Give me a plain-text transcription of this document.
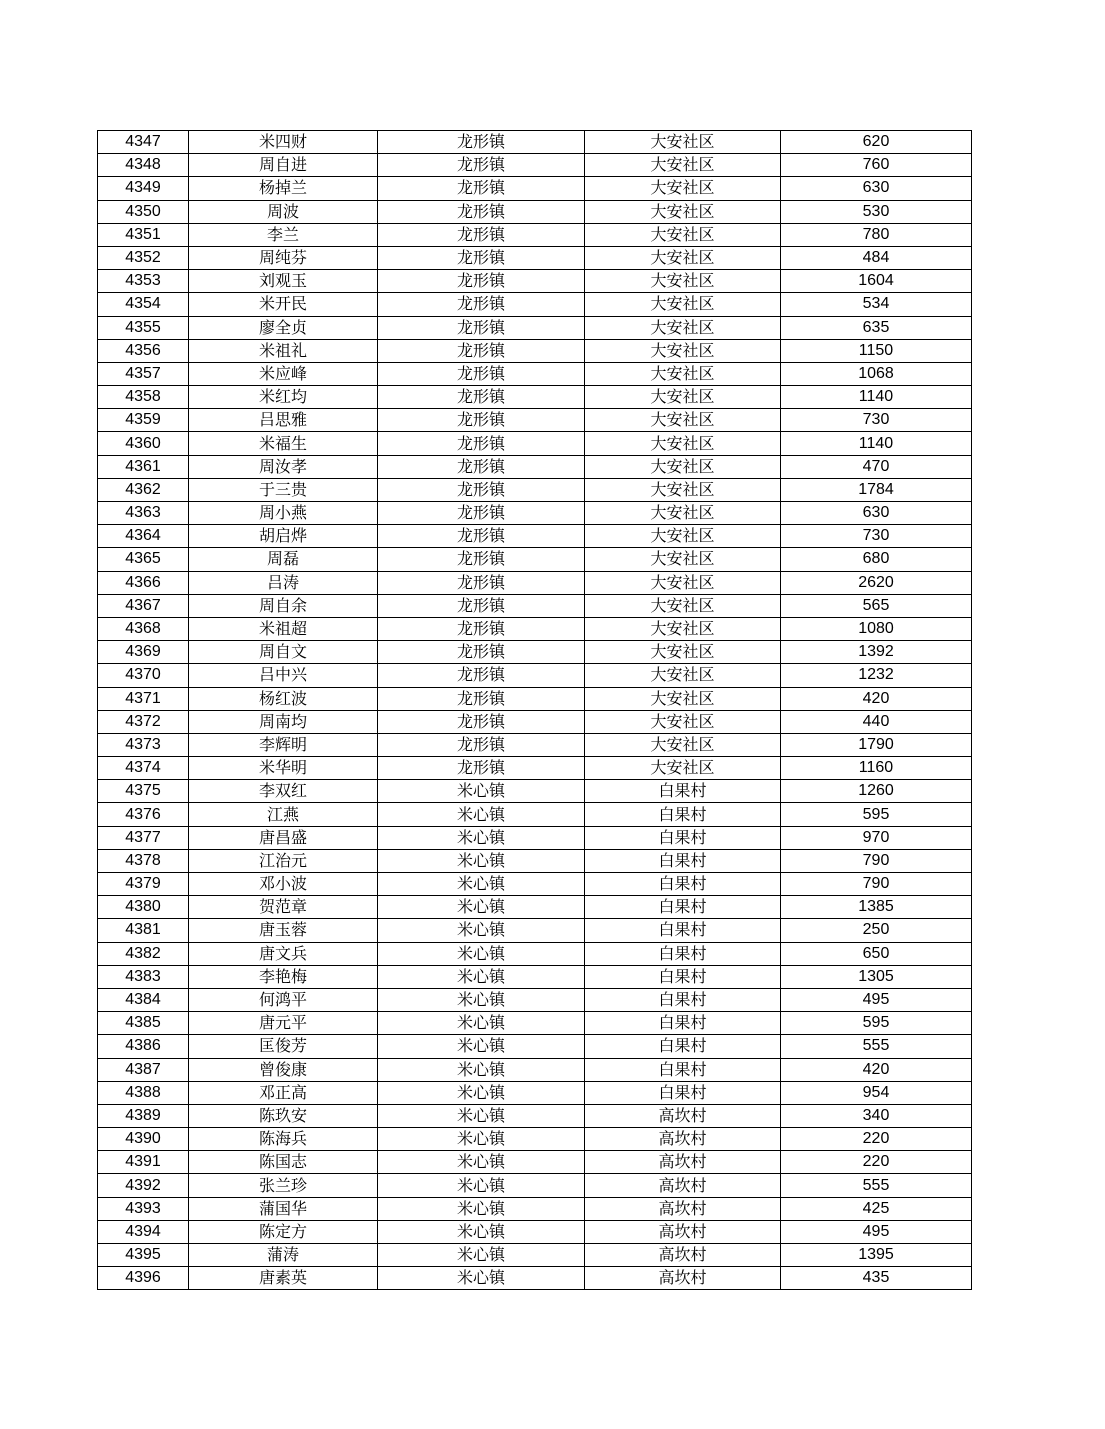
4347	米四财	龙形镇	大安社区	620
4348	周自进	龙形镇	大安社区	760
4349	杨掉兰	龙形镇	大安社区	630
4350	周波	龙形镇	大安社区	530
4351	李兰	龙形镇	大安社区	780
4352	周纯芬	龙形镇	大安社区	484
4353	刘观玉	龙形镇	大安社区	1604
4354	米开民	龙形镇	大安社区	534
4355	廖全贞	龙形镇	大安社区	635
4356	米祖礼	龙形镇	大安社区	1150
4357	米应峰	龙形镇	大安社区	1068
4358	米红均	龙形镇	大安社区	1140
4359	吕思雅	龙形镇	大安社区	730
4360	米福生	龙形镇	大安社区	1140
4361	周汝孝	龙形镇	大安社区	470
4362	于三贵	龙形镇	大安社区	1784
4363	周小燕	龙形镇	大安社区	630
4364	胡启烨	龙形镇	大安社区	730
4365	周磊	龙形镇	大安社区	680
4366	吕涛	龙形镇	大安社区	2620
4367	周自余	龙形镇	大安社区	565
4368	米祖超	龙形镇	大安社区	1080
4369	周自文	龙形镇	大安社区	1392
4370	吕中兴	龙形镇	大安社区	1232
4371	杨红波	龙形镇	大安社区	420
4372	周南均	龙形镇	大安社区	440
4373	李辉明	龙形镇	大安社区	1790
4374	米华明	龙形镇	大安社区	1160
4375	李双红	米心镇	白果村	1260
4376	江燕	米心镇	白果村	595
4377	唐昌盛	米心镇	白果村	970
4378	江治元	米心镇	白果村	790
4379	邓小波	米心镇	白果村	790
4380	贺范章	米心镇	白果村	1385
4381	唐玉蓉	米心镇	白果村	250
4382	唐文兵	米心镇	白果村	650
4383	李艳梅	米心镇	白果村	1305
4384	何鸿平	米心镇	白果村	495
4385	唐元平	米心镇	白果村	595
4386	匡俊芳	米心镇	白果村	555
4387	曾俊康	米心镇	白果村	420
4388	邓正高	米心镇	白果村	954
4389	陈玖安	米心镇	高坎村	340
4390	陈海兵	米心镇	高坎村	220
4391	陈国志	米心镇	高坎村	220
4392	张兰珍	米心镇	高坎村	555
4393	蒲国华	米心镇	高坎村	425
4394	陈定方	米心镇	高坎村	495
4395	蒲涛	米心镇	高坎村	1395
4396	唐素英	米心镇	高坎村	435
